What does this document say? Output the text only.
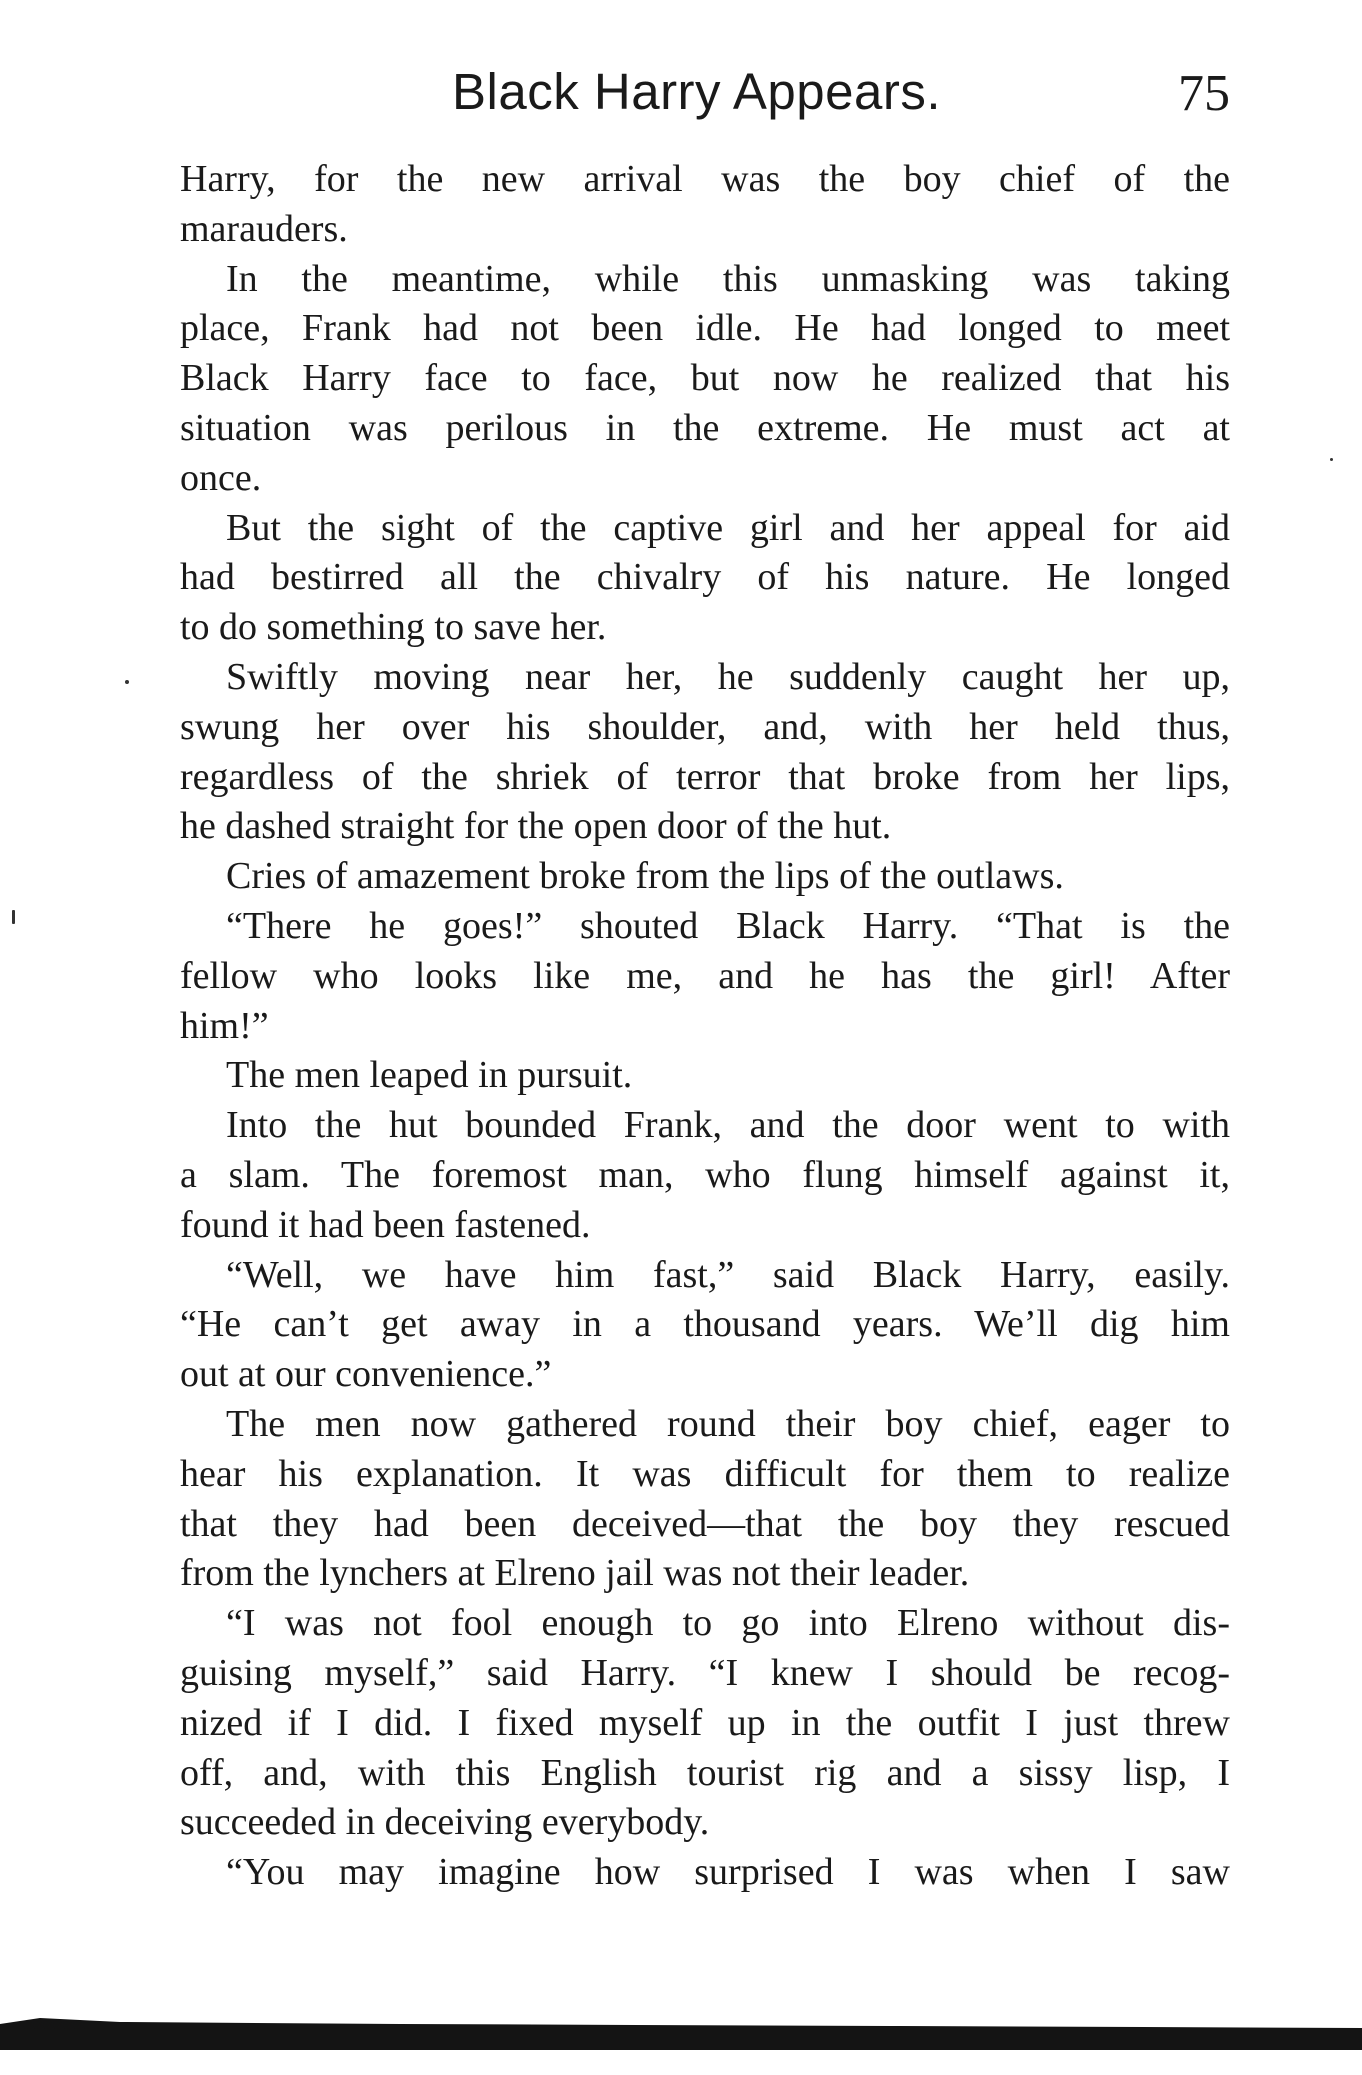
Black Harry Appears.	75
Harry, for the new arrival was the boy chief of the
marauders.
In the meantime, while this unmasking was taking
place, Frank had not been idle. He had longed to meet
Black Harry face to face, but now he realized that his
situation was perilous in the extreme. He must act at
once.
But the sight of the captive girl and her appeal for aid
had bestirred all the chivalry of his nature. He longed
to do something to save her.
Swiftly moving near her, he suddenly caught her up,
swung her over his shoulder, and, with her held thus,
regardless of the shriek of terror that broke from her lips,
he dashed straight for the open door of the hut.
Cries of amazement broke from the lips of the outlaws.
“There he goes!” shouted Black Harry. “That is the
fellow who looks like me, and he has the girl! After
him!”
The men leaped in pursuit.
Into the hut bounded Frank, and the door went to with
a slam. The foremost man, who flung himself against it,
found it had been fastened.
“Well, we have him fast,” said Black Harry, easily.
“He can’t get away in a thousand years. We’ll dig him
out at our convenience.”
The men now gathered round their boy chief, eager to
hear his explanation. It was difficult for them to realize
that they had been deceived—that the boy they rescued
from the lynchers at Elreno jail was not their leader.
“I was not fool enough to go into Elreno without dis-
guising myself,” said Harry. “I knew I should be recog-
nized if I did. I fixed myself up in the outfit I just threw
off, and, with this English tourist rig and a sissy lisp, I
succeeded in deceiving everybody.
“You may imagine how surprised I was when I saw
